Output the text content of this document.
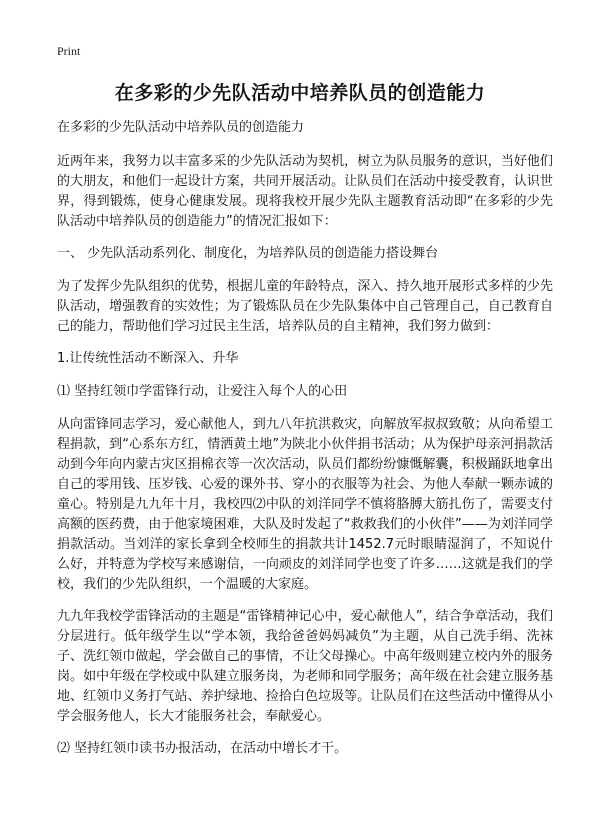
Print
在多彩的少先队活动中培养队员的创造能力

在多彩的少先队活动中培养队员的创造能力

近两年来，我努力以丰富多采的少先队活动为契机，树立为队员服务的意识，当好他们的大朋友，和他们一起设计方案，共同开展活动。让队员们在活动中接受教育，认识世界，得到锻炼，使身心健康发展。现将我校开展少先队主题教育活动即“在多彩的少先队活动中培养队员的创造能力”的情况汇报如下：

一、 少先队活动系列化、制度化，为培养队员的创造能力搭设舞台

为了发挥少先队组织的优势，根据儿童的年龄特点，深入、持久地开展形式多样的少先队活动，增强教育的实效性；为了锻炼队员在少先队集体中自己管理自己，自己教育自己的能力，帮助他们学习过民主生活，培养队员的自主精神，我们努力做到：

1.让传统性活动不断深入、升华

⑴ 坚持红领巾学雷锋行动，让爱注入每个人的心田

从向雷锋同志学习，爱心献他人，到九八年抗洪救灾，向解放军叔叔致敬；从向希望工程捐款，到“心系东方红，情洒黄土地”为陕北小伙伴捐书活动；从为保护母亲河捐款活动到今年向内蒙古灾区捐棉衣等一次次活动，队员们都纷纷慷慨解囊，积极踊跃地拿出自己的零用钱、压岁钱、心爱的课外书、穿小的衣服等为社会、为他人奉献一颗赤诚的童心。特别是九九年十月，我校四⑵中队的刘洋同学不慎将胳膊大筋扎伤了，需要支付高额的医药费，由于他家境困难，大队及时发起了“救救我们的小伙伴”——为刘洋同学捐款活动。当刘洋的家长拿到全校师生的捐款共计1452.7元时眼睛湿润了，不知说什么好，并特意为学校写来感谢信，一向顽皮的刘洋同学也变了许多……这就是我们的学校，我们的少先队组织，一个温暖的大家庭。

九九年我校学雷锋活动的主题是“雷锋精神记心中，爱心献他人”，结合争章活动，我们分层进行。低年级学生以“学本领，我给爸爸妈妈减负”为主题，从自己洗手绢、洗袜子、洗红领巾做起，学会做自己的事情，不让父母操心。中高年级则建立校内外的服务岗。如中年级在学校或中队建立服务岗，为老师和同学服务；高年级在社会建立服务基地、红领巾义务打气站、养护绿地、捡拾白色垃圾等。让队员们在这些活动中懂得从小学会服务他人，长大才能服务社会，奉献爱心。

⑵ 坚持红领巾读书办报活动，在活动中增长才干。
